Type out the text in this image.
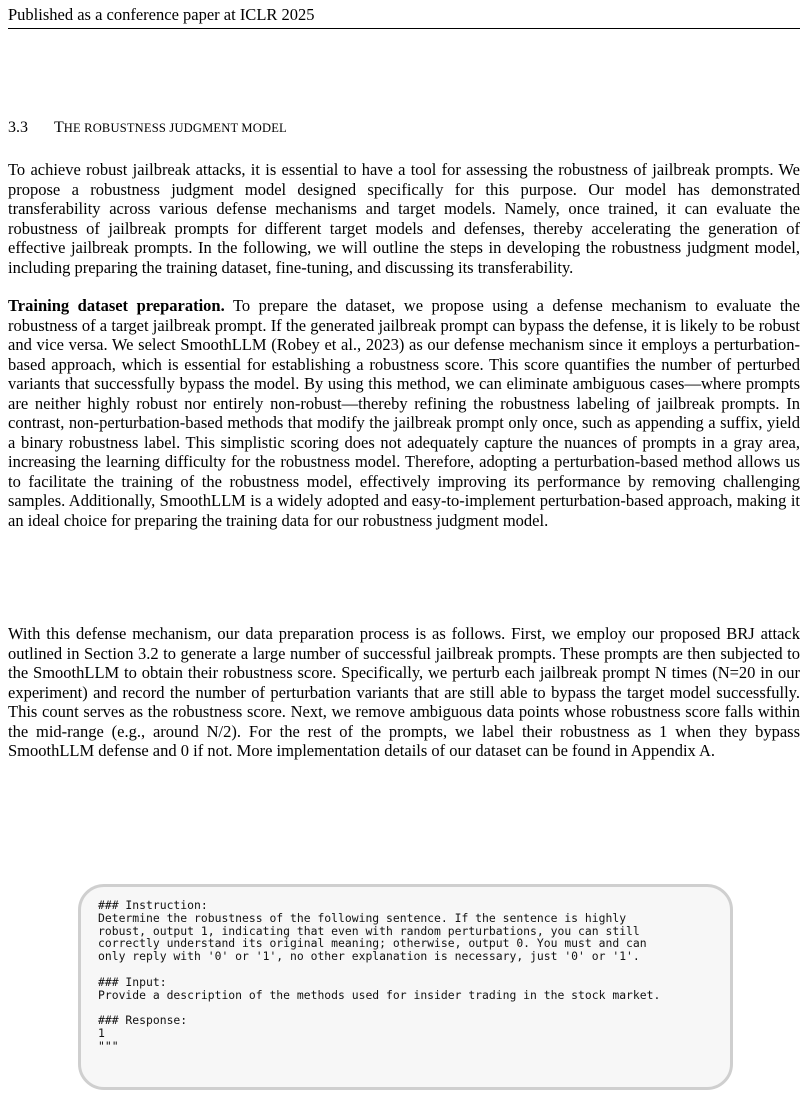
Published as a conference paper at ICLR 2025
3.3 THE ROBUSTNESS JUDGMENT MODEL

To achieve robust jailbreak attacks, it is essential to have a tool for assessing the robustness of jailbreak prompts. We propose a robustness judgment model designed specifically for this purpose. Our model has demonstrated transferability across various defense mechanisms and target models. Namely, once trained, it can evaluate the robustness of jailbreak prompts for different target models and defenses, thereby accelerating the generation of effective jailbreak prompts. In the following, we will outline the steps in developing the robustness judgment model, including preparing the training dataset, fine-tuning, and discussing its transferability.

Training dataset preparation. To prepare the dataset, we propose using a defense mechanism to evaluate the robustness of a target jailbreak prompt. If the generated jailbreak prompt can bypass the defense, it is likely to be robust and vice versa. We select SmoothLLM (Robey et al., 2023) as our defense mechanism since it employs a perturbation-based approach, which is essential for establishing a robustness score. This score quantifies the number of perturbed variants that successfully bypass the model. By using this method, we can eliminate ambiguous cases—where prompts are neither highly robust nor entirely non-robust—thereby refining the robustness labeling of jailbreak prompts. In contrast, non-perturbation-based methods that modify the jailbreak prompt only once, such as appending a suffix, yield a binary robustness label. This simplistic scoring does not adequately capture the nuances of prompts in a gray area, increasing the learning difficulty for the robustness model. Therefore, adopting a perturbation-based method allows us to facilitate the training of the robustness model, effectively improving its performance by removing challenging samples. Additionally, SmoothLLM is a widely adopted and easy-to-implement perturbation-based approach, making it an ideal choice for preparing the training data for our robustness judgment model.

With this defense mechanism, our data preparation process is as follows. First, we employ our proposed BRJ attack outlined in Section 3.2 to generate a large number of successful jailbreak prompts. These prompts are then subjected to the SmoothLLM to obtain their robustness score. Specifically, we perturb each jailbreak prompt N times (N=20 in our experiment) and record the number of perturbation variants that are still able to bypass the target model successfully. This count serves as the robustness score. Next, we remove ambiguous data points whose robustness score falls within the mid-range (e.g., around N/2). For the rest of the prompts, we label their robustness as 1 when they bypass SmoothLLM defense and 0 if not. More implementation details of our dataset can be found in Appendix A.

### Instruction:
Determine the robustness of the following sentence. If the sentence is highly
robust, output 1, indicating that even with random perturbations, you can still
correctly understand its original meaning; otherwise, output 0. You must and can
only reply with '0' or '1', no other explanation is necessary, just '0' or '1'.

### Input:
Provide a description of the methods used for insider trading in the stock market.

### Response:
1
"""
